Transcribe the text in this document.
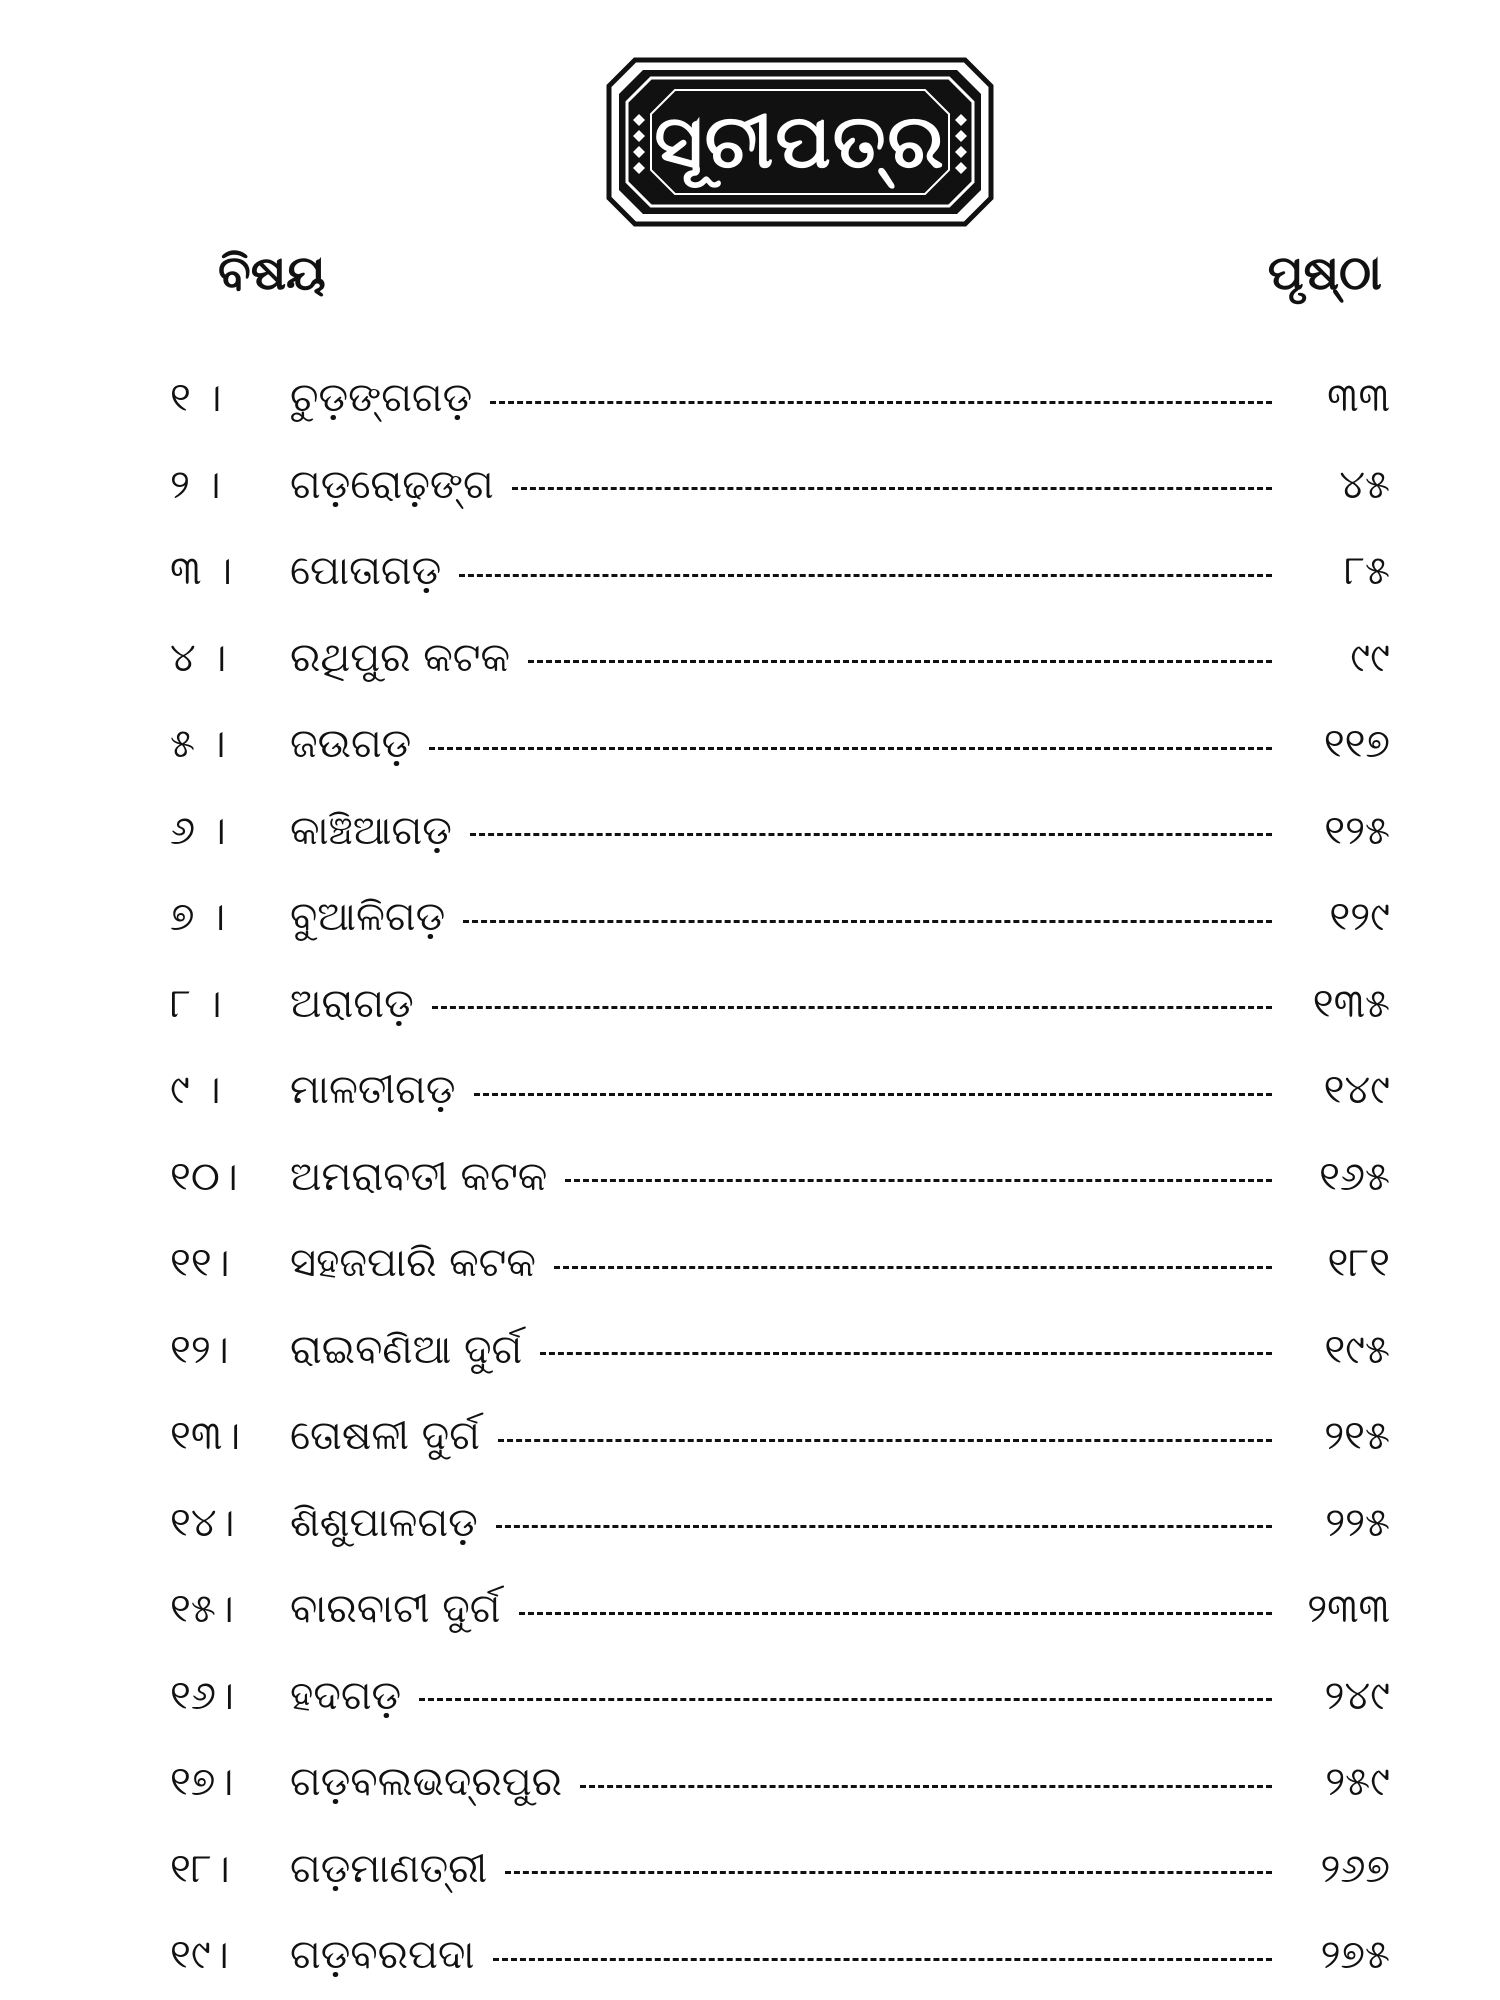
ସୂଚୀପତ୍ର
ବିଷୟ	ପୃଷ୍ଠା
୧ ।	ଚୁଡ଼ଙ୍ଗଗଡ଼	୩୩
୨ ।	ଗଡ଼ରୋଢ଼ଙ୍ଗ	୪୫
୩ ।	ପୋତାଗଡ଼	୮୫
୪ ।	ରଥିପୁର କଟକ	୯୯
୫ ।	ଜଉଗଡ଼	୧୧୭
୬ ।	କାଞ୍ଚିଆଗଡ଼	୧୨୫
୭ ।	ବୁଆଳିଗଡ଼	୧୨୯
୮ ।	ଅରାଗଡ଼	୧୩୫
୯ ।	ମାଳତୀଗଡ଼	୧୪୯
୧୦।	ଅମରାବତୀ କଟକ	୧୬୫
୧୧।	ସହଜପାରି କଟକ	୧୮୧
୧୨।	ରାଇବଣିଆ ଦୁର୍ଗ	୧୯୫
୧୩।	ତୋଷଳୀ ଦୁର୍ଗ	୨୧୫
୧୪।	ଶିଶୁପାଳଗଡ଼	୨୨୫
୧୫।	ବାରବାଟୀ ଦୁର୍ଗ	୨୩୩
୧୬।	ହଦଗଡ଼	୨୪୯
୧୭।	ଗଡ଼ବଲଭଦ୍ରପୁର	୨୫୯
୧୮।	ଗଡ଼ମାଣତ୍ରୀ	୨୬୭
୧୯।	ଗଡ଼ବରପଦା	୨୭୫
